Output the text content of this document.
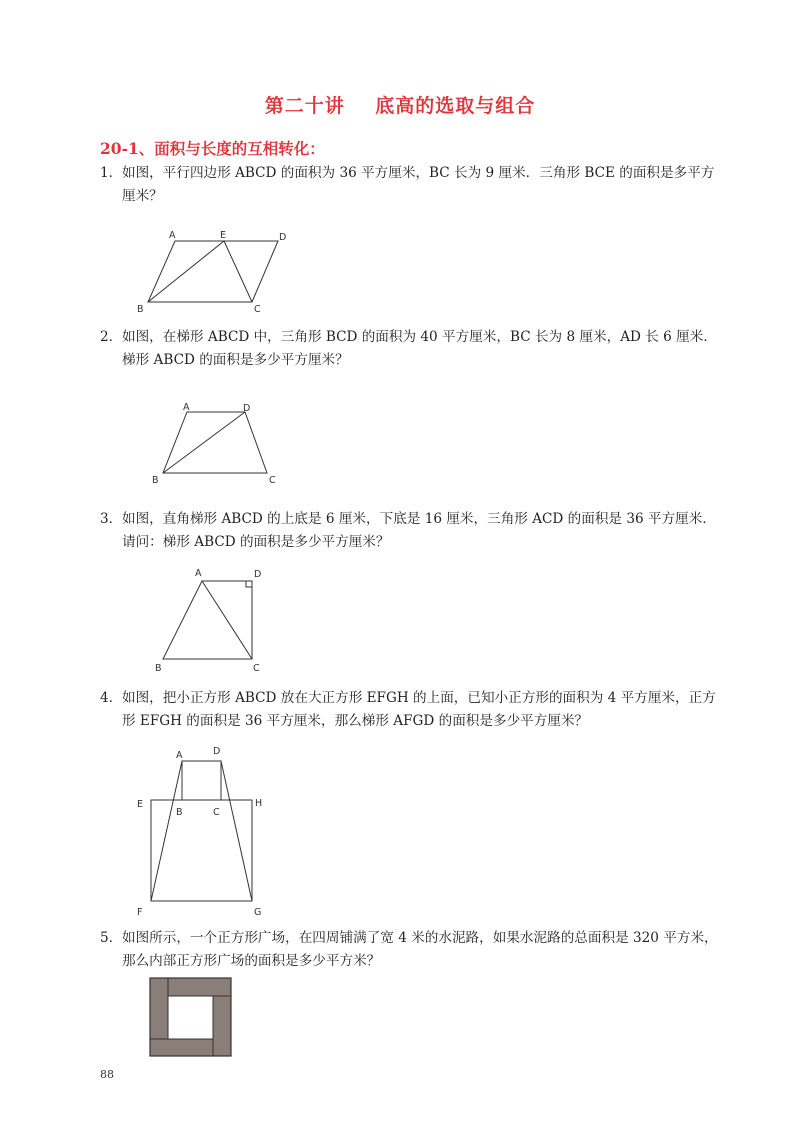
第二十讲    底高的选取与组合
20-1、面积与长度的互相转化：
1． 如图，平行四边形 ABCD 的面积为 36 平方厘米，BC 长为 9 厘米．三角形 BCE 的面积是多平方厘米？
A	E	D
B	C
2． 如图，在梯形 ABCD 中，三角形 BCD 的面积为 40 平方厘米，BC 长为 8 厘米，AD 长 6 厘米．梯形 ABCD 的面积是多少平方厘米？
A	D
B	C
3． 如图，直角梯形 ABCD 的上底是 6 厘米，下底是 16 厘米，三角形 ACD 的面积是 36 平方厘米．请问：梯形 ABCD 的面积是多少平方厘米？
A	D
B	C
4． 如图，把小正方形 ABCD 放在大正方形 EFGH 的上面，已知小正方形的面积为 4 平方厘米，正方形 EFGH 的面积是 36 平方厘米，那么梯形 AFGD 的面积是多少平方厘米？
A	D
E
B	C
H
F	G
5． 如图所示，一个正方形广场，在四周铺满了宽 4 米的水泥路，如果水泥路的总面积是 320 平方米，那么内部正方形广场的面积是多少平方米？
88
